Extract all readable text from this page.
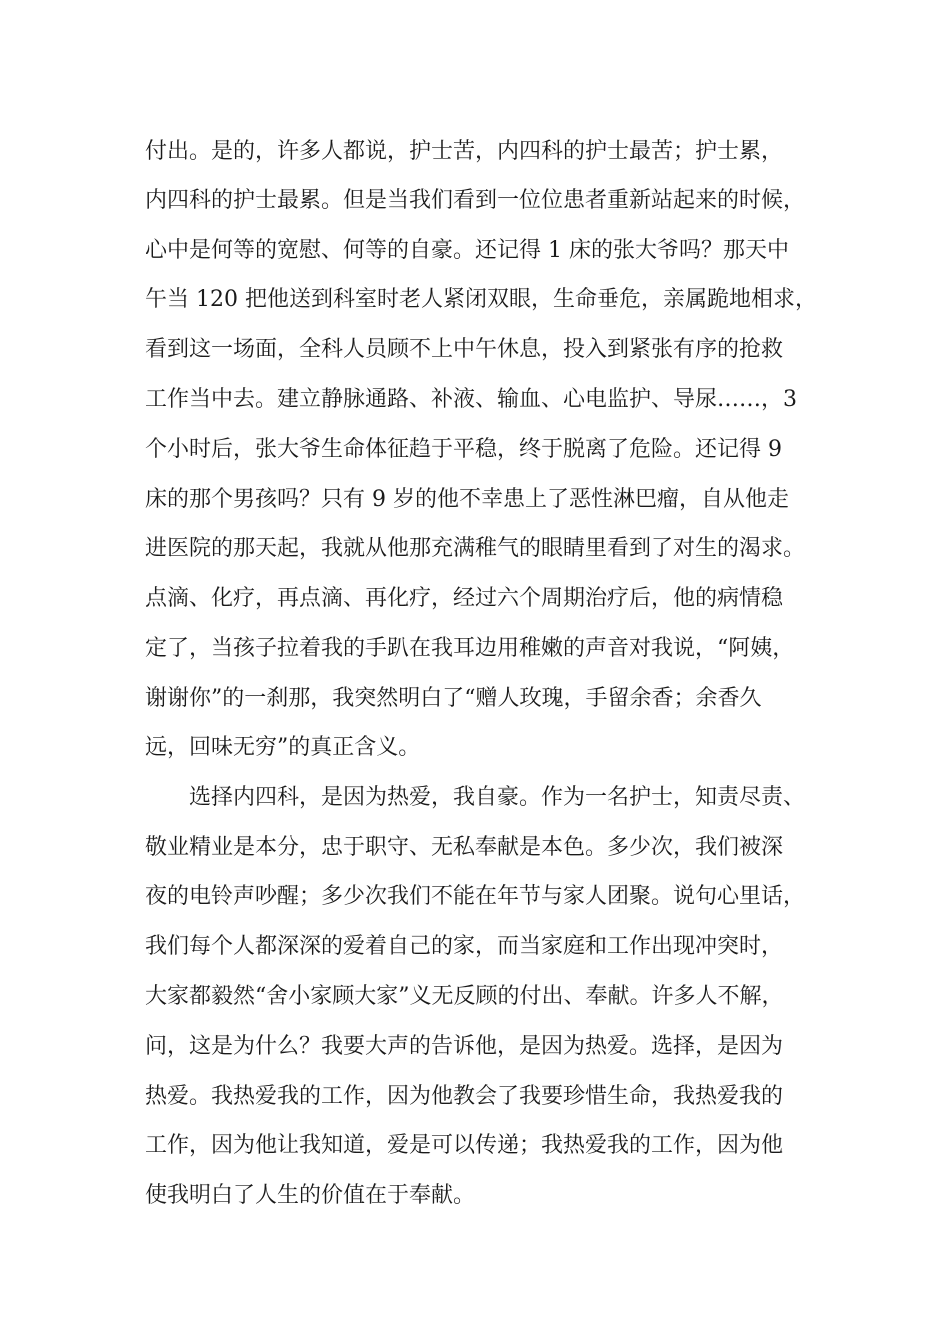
付出。是的，许多人都说，护士苦，内四科的护士最苦；护士累，
内四科的护士最累。但是当我们看到一位位患者重新站起来的时候，
心中是何等的宽慰、何等的自豪。还记得 1 床的张大爷吗？那天中
午当 120 把他送到科室时老人紧闭双眼，生命垂危，亲属跪地相求，
看到这一场面，全科人员顾不上中午休息，投入到紧张有序的抢救
工作当中去。建立静脉通路、补液、输血、心电监护、导尿……，3
个小时后，张大爷生命体征趋于平稳，终于脱离了危险。还记得 9
床的那个男孩吗？只有 9 岁的他不幸患上了恶性淋巴瘤，自从他走
进医院的那天起，我就从他那充满稚气的眼睛里看到了对生的渴求。
点滴、化疗，再点滴、再化疗，经过六个周期治疗后，他的病情稳
定了，当孩子拉着我的手趴在我耳边用稚嫩的声音对我说，“阿姨，
谢谢你”的一刹那，我突然明白了“赠人玫瑰，手留余香；余香久
远，回味无穷”的真正含义。
选择内四科，是因为热爱，我自豪。作为一名护士，知责尽责、
敬业精业是本分，忠于职守、无私奉献是本色。多少次，我们被深
夜的电铃声吵醒；多少次我们不能在年节与家人团聚。说句心里话，
我们每个人都深深的爱着自己的家，而当家庭和工作出现冲突时，
大家都毅然“舍小家顾大家”义无反顾的付出、奉献。许多人不解，
问，这是为什么？我要大声的告诉他，是因为热爱。选择，是因为
热爱。我热爱我的工作，因为他教会了我要珍惜生命，我热爱我的
工作，因为他让我知道，爱是可以传递；我热爱我的工作，因为他
使我明白了人生的价值在于奉献。
